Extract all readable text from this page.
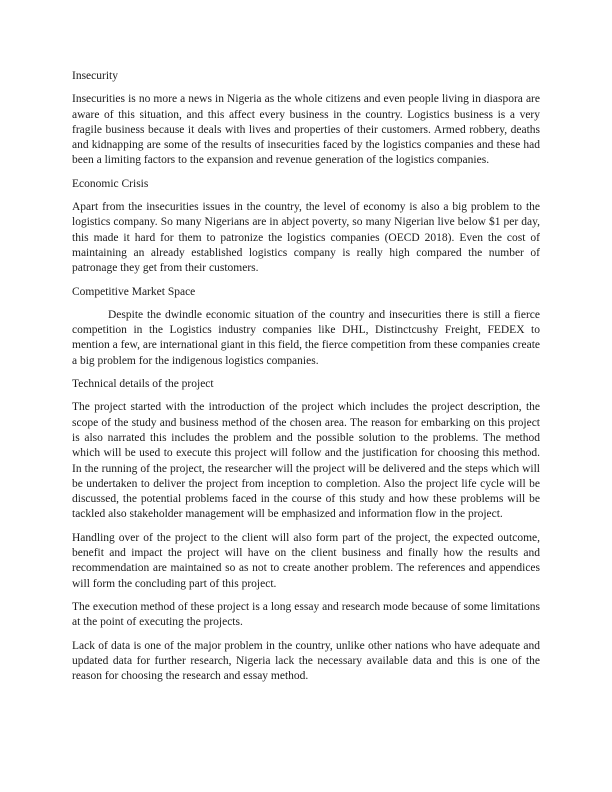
Insecurity

Insecurities is no more a news in Nigeria as the whole citizens and even people living in diaspora are aware of this situation, and this affect every business in the country. Logistics business is a very fragile business because it deals with lives and properties of their customers. Armed robbery, deaths and kidnapping are some of the results of insecurities faced by the logistics companies and these had been a limiting factors to the expansion and revenue generation of the logistics companies.

Economic Crisis

Apart from the insecurities issues in the country, the level of economy is also a big problem to the logistics company. So many Nigerians are in abject poverty, so many Nigerian live below $1 per day, this made it hard for them to patronize the logistics companies (OECD 2018). Even the cost of maintaining an already established logistics company is really high compared the number of patronage they get from their customers.

Competitive Market Space

Despite the dwindle economic situation of the country and insecurities there is still a fierce competition in the Logistics industry companies like DHL, Distinctcushy Freight, FEDEX to mention a few, are international giant in this field, the fierce competition from these companies create a big problem for the indigenous logistics companies.

Technical details of the project

The project started with the introduction of the project which includes the project description, the scope of the study and business method of the chosen area. The reason for embarking on this project is also narrated this includes the problem and the possible solution to the problems. The method which will be used to execute this project will follow and the justification for choosing this method. In the running of the project, the researcher will the project will be delivered and the steps which will be undertaken to deliver the project from inception to completion. Also the project life cycle will be discussed, the potential problems faced in the course of this study and how these problems will be tackled also stakeholder management will be emphasized and information flow in the project.

Handling over of the project to the client will also form part of the project, the expected outcome, benefit and impact the project will have on the client business and finally how the results and recommendation are maintained so as not to create another problem. The references and appendices will form the concluding part of this project.

The execution method of these project is a long essay and research mode because of some limitations at the point of executing the projects.

Lack of data is one of the major problem in the country, unlike other nations who have adequate and updated data for further research, Nigeria lack the necessary available data and this is one of the reason for choosing the research and essay method.
